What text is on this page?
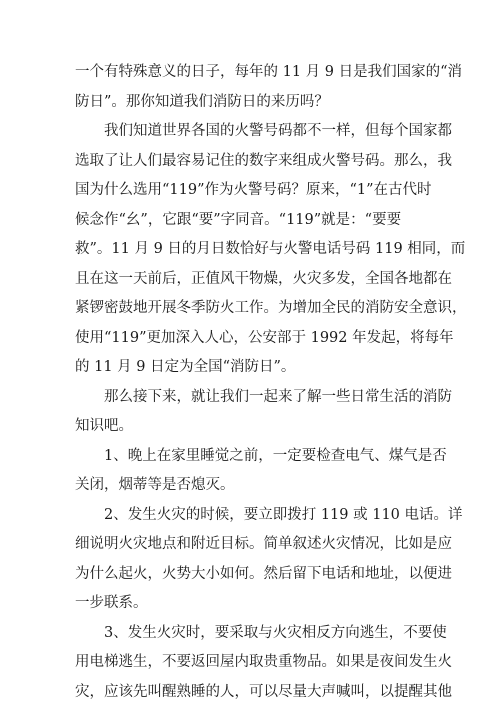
一个有特殊意义的日子，每年的 11 月 9 日是我们国家的“消
防日”。那你知道我们消防日的来历吗？
我们知道世界各国的火警号码都不一样，但每个国家都
选取了让人们最容易记住的数字来组成火警号码。那么，我
国为什么选用“119”作为火警号码？原来，“1”在古代时
候念作“幺”，它跟“要”字同音。“119”就是：“要要
救”。11 月 9 日的月日数恰好与火警电话号码 119 相同，而
且在这一天前后，正值风干物燥，火灾多发，全国各地都在
紧锣密鼓地开展冬季防火工作。为增加全民的消防安全意识，
使用“119”更加深入人心，公安部于 1992 年发起，将每年
的 11 月 9 日定为全国“消防日”。
那么接下来，就让我们一起来了解一些日常生活的消防
知识吧。
1、晚上在家里睡觉之前，一定要检查电气、煤气是否
关闭，烟蒂等是否熄灭。
2、发生火灾的时候，要立即拨打 119 或 110 电话。详
细说明火灾地点和附近目标。简单叙述火灾情况，比如是应
为什么起火，火势大小如何。然后留下电话和地址，以便进
一步联系。
3、发生火灾时，要采取与火灾相反方向逃生，不要使
用电梯逃生，不要返回屋内取贵重物品。如果是夜间发生火
灾，应该先叫醒熟睡的人，可以尽量大声喊叫，以提醒其他
